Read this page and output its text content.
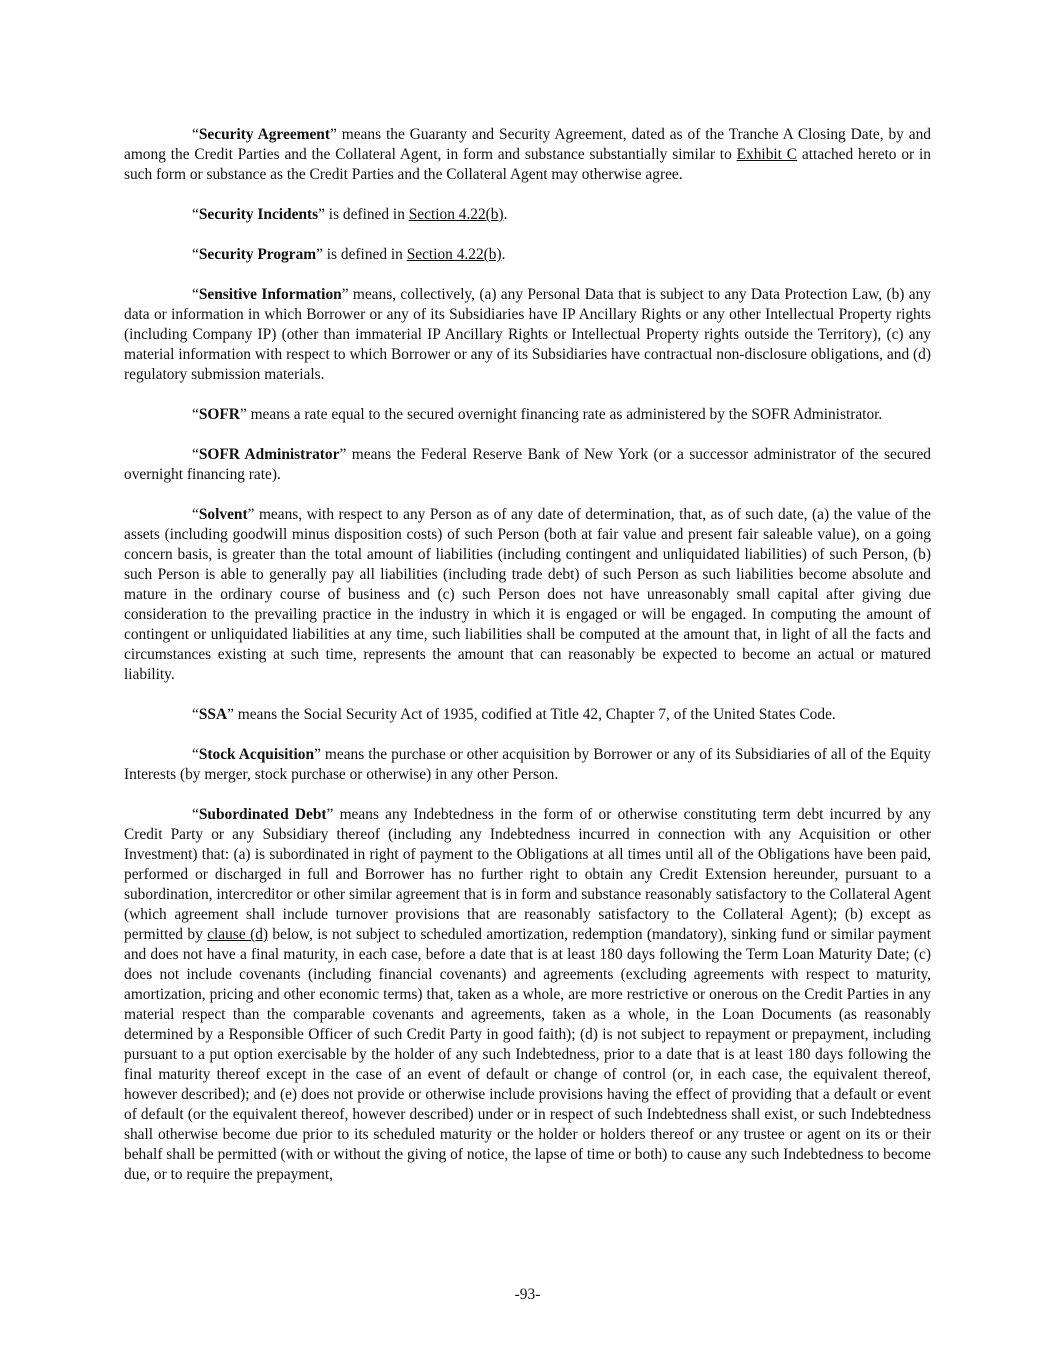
“Security Agreement” means the Guaranty and Security Agreement, dated as of the Tranche A Closing Date, by and among the Credit Parties and the Collateral Agent, in form and substance substantially similar to Exhibit C attached hereto or in such form or substance as the Credit Parties and the Collateral Agent may otherwise agree.

“Security Incidents” is defined in Section 4.22(b).

“Security Program” is defined in Section 4.22(b).

“Sensitive Information” means, collectively, (a) any Personal Data that is subject to any Data Protection Law, (b) any data or information in which Borrower or any of its Subsidiaries have IP Ancillary Rights or any other Intellectual Property rights (including Company IP) (other than immaterial IP Ancillary Rights or Intellectual Property rights outside the Territory), (c) any material information with respect to which Borrower or any of its Subsidiaries have contractual non-disclosure obligations, and (d) regulatory submission materials.

“SOFR” means a rate equal to the secured overnight financing rate as administered by the SOFR Administrator.

“SOFR Administrator” means the Federal Reserve Bank of New York (or a successor administrator of the secured overnight financing rate).

“Solvent” means, with respect to any Person as of any date of determination, that, as of such date, (a) the value of the assets (including goodwill minus disposition costs) of such Person (both at fair value and present fair saleable value), on a going concern basis, is greater than the total amount of liabilities (including contingent and unliquidated liabilities) of such Person, (b) such Person is able to generally pay all liabilities (including trade debt) of such Person as such liabilities become absolute and mature in the ordinary course of business and (c) such Person does not have unreasonably small capital after giving due consideration to the prevailing practice in the industry in which it is engaged or will be engaged. In computing the amount of contingent or unliquidated liabilities at any time, such liabilities shall be computed at the amount that, in light of all the facts and circumstances existing at such time, represents the amount that can reasonably be expected to become an actual or matured liability.

“SSA” means the Social Security Act of 1935, codified at Title 42, Chapter 7, of the United States Code.

“Stock Acquisition” means the purchase or other acquisition by Borrower or any of its Subsidiaries of all of the Equity Interests (by merger, stock purchase or otherwise) in any other Person.

“Subordinated Debt” means any Indebtedness in the form of or otherwise constituting term debt incurred by any Credit Party or any Subsidiary thereof (including any Indebtedness incurred in connection with any Acquisition or other Investment) that: (a) is subordinated in right of payment to the Obligations at all times until all of the Obligations have been paid, performed or discharged in full and Borrower has no further right to obtain any Credit Extension hereunder, pursuant to a subordination, intercreditor or other similar agreement that is in form and substance reasonably satisfactory to the Collateral Agent (which agreement shall include turnover provisions that are reasonably satisfactory to the Collateral Agent); (b) except as permitted by clause (d) below, is not subject to scheduled amortization, redemption (mandatory), sinking fund or similar payment and does not have a final maturity, in each case, before a date that is at least 180 days following the Term Loan Maturity Date; (c) does not include covenants (including financial covenants) and agreements (excluding agreements with respect to maturity, amortization, pricing and other economic terms) that, taken as a whole, are more restrictive or onerous on the Credit Parties in any material respect than the comparable covenants and agreements, taken as a whole, in the Loan Documents (as reasonably determined by a Responsible Officer of such Credit Party in good faith); (d) is not subject to repayment or prepayment, including pursuant to a put option exercisable by the holder of any such Indebtedness, prior to a date that is at least 180 days following the final maturity thereof except in the case of an event of default or change of control (or, in each case, the equivalent thereof, however described); and (e) does not provide or otherwise include provisions having the effect of providing that a default or event of default (or the equivalent thereof, however described) under or in respect of such Indebtedness shall exist, or such Indebtedness shall otherwise become due prior to its scheduled maturity or the holder or holders thereof or any trustee or agent on its or their behalf shall be permitted (with or without the giving of notice, the lapse of time or both) to cause any such Indebtedness to become due, or to require the prepayment,

-93-
